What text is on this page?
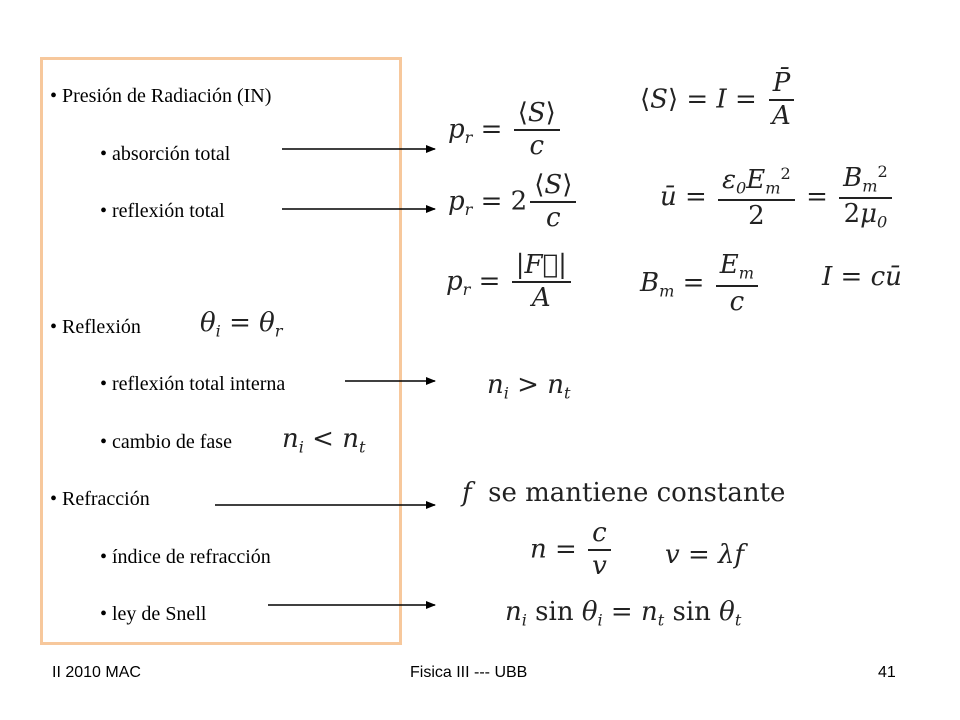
• Presión de Radiación (IN)
• absorción total
• reflexión total
• Reflexión
• reflexión total interna
• cambio de fase
• Refracción
• índice de refracción
• ley de Snell
$\theta_i = \theta_r$
$n_i < n_t$
$p_r = \frac{⟨S⟩}{c}$
$p_r = 2 \frac{⟨S⟩}{c}$
$p_r = \frac{|F⃗|}{A}$
⟨S⟩ = $I = \frac{P̄}{A}$
ū = $\frac{\varepsilon_0E_m^2}{2} = \frac{B_m^2}{2\mu_0}$
$B_m = \frac{E_m}{c}$ I = cū
$n_i > n_t$
f se mantiene constante
$n = \frac{c}{v}$ v = λf
$n_i$ $\sin \theta_i = n_t$ $\sin \theta_t$
II 2010 MAC	Fisica III --- UBB	41
